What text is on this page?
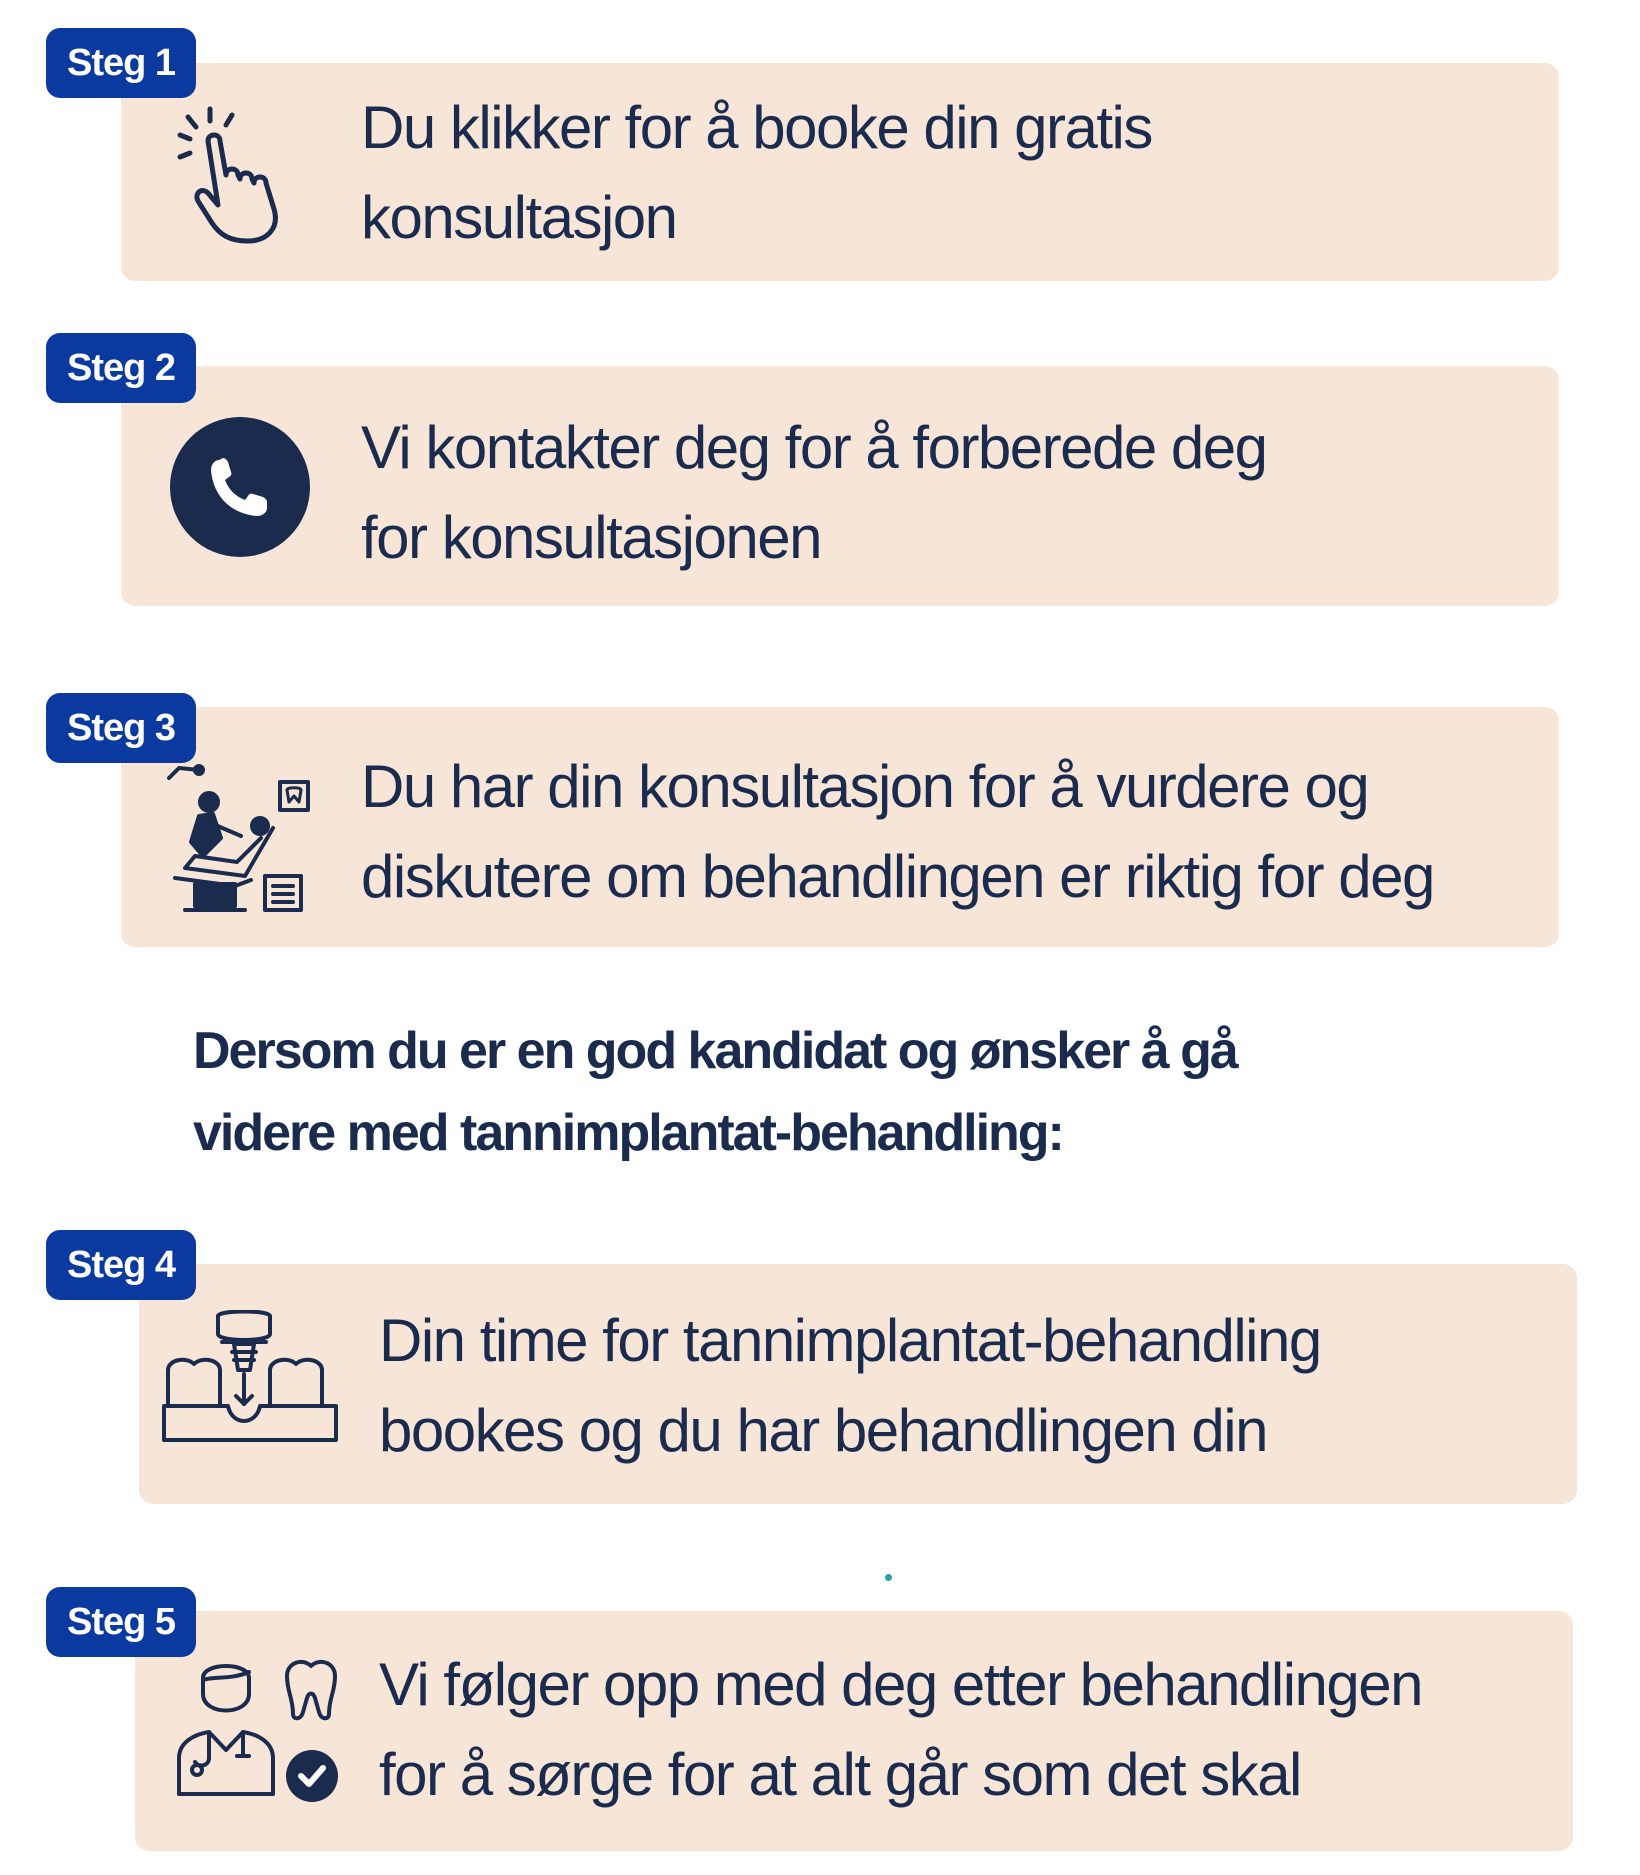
Steg 1
Du klikker for å booke din gratis
konsultasjon
Steg 2
Vi kontakter deg for å forberede deg
for konsultasjonen
Steg 3
Du har din konsultasjon for å vurdere og
diskutere om behandlingen er riktig for deg
Dersom du er en god kandidat og ønsker å gå
videre med tannimplantat-behandling:
Steg 4
Din time for tannimplantat-behandling
bookes og du har behandlingen din
Steg 5
Vi følger opp med deg etter behandlingen
for å sørge for at alt går som det skal
